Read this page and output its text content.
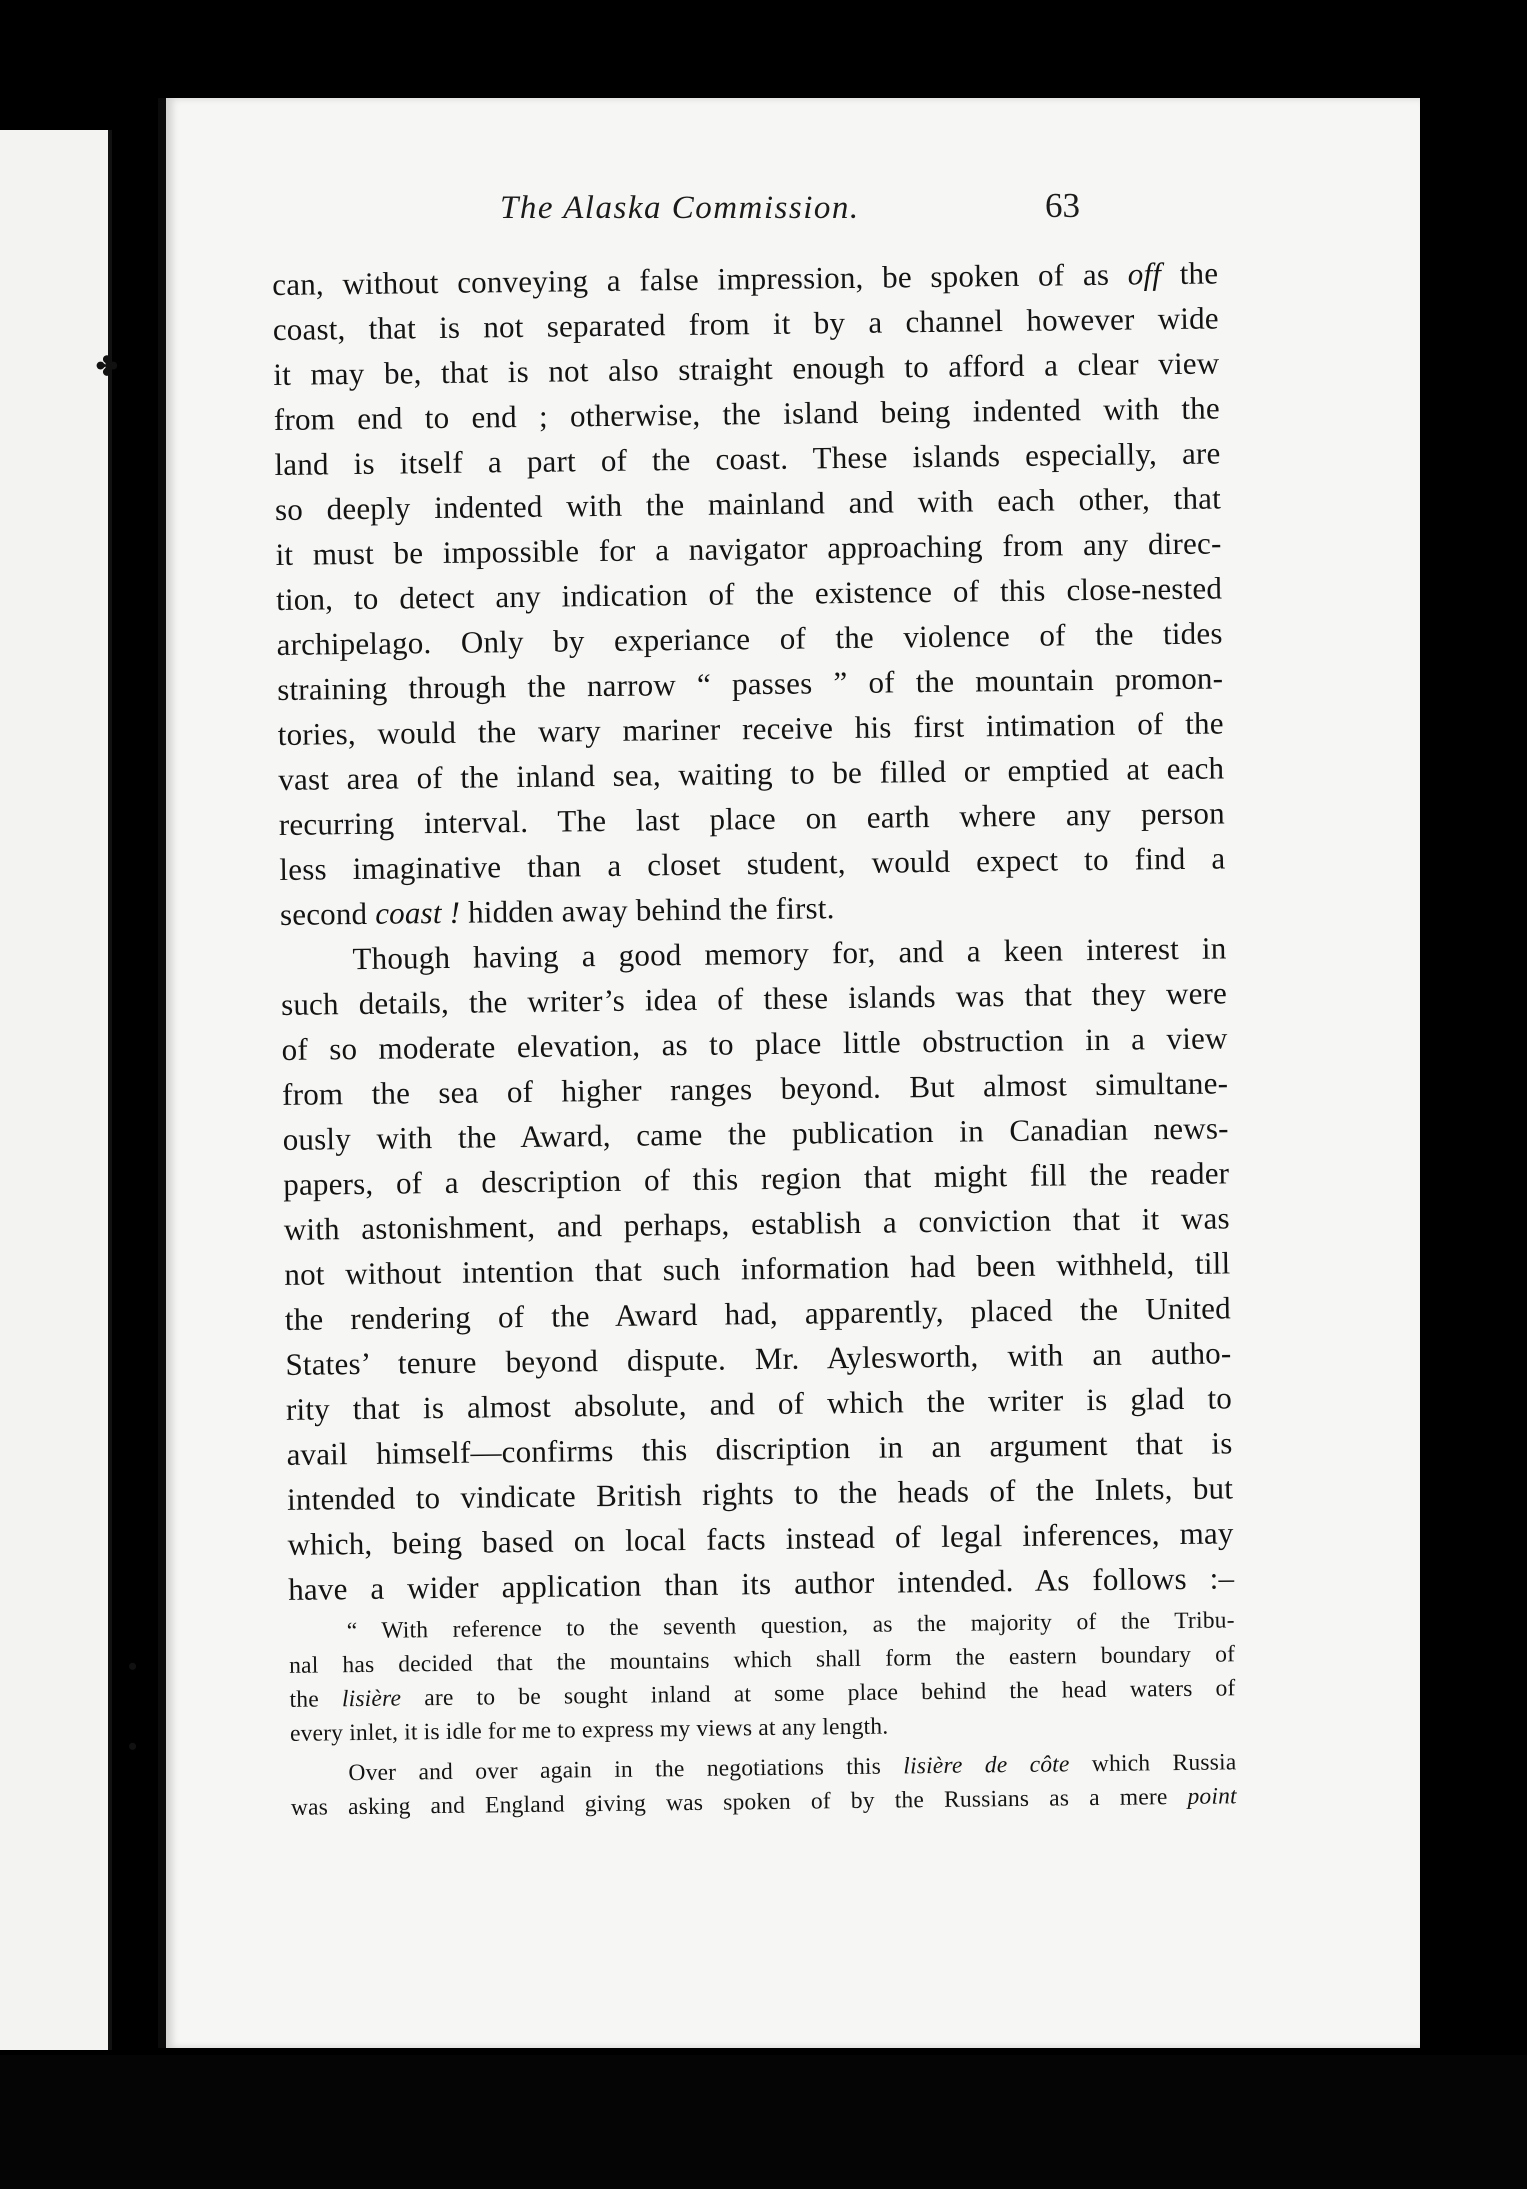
✤
•
•
The Alaska Commission.	63
can, without conveying a false impression, be spoken of as off the
coast, that is not separated from it by a channel however wide
it may be, that is not also straight enough to afford a clear view
from end to end ; otherwise, the island being indented with the
land is itself a part of the coast. These islands especially, are
so deeply indented with the mainland and with each other, that
it must be impossible for a navigator approaching from any direc-
tion, to detect any indication of the existence of this close-nested
archipelago. Only by experiance of the violence of the tides
straining through the narrow “ passes ” of the mountain promon-
tories, would the wary mariner receive his first intimation of the
vast area of the inland sea, waiting to be filled or emptied at each
recurring interval. The last place on earth where any person
less imaginative than a closet student, would expect to find a
second coast ! hidden away behind the first.
Though having a good memory for, and a keen interest in
such details, the writer’s idea of these islands was that they were
of so moderate elevation, as to place little obstruction in a view
from the sea of higher ranges beyond. But almost simultane-
ously with the Award, came the publication in Canadian news-
papers, of a description of this region that might fill the reader
with astonishment, and perhaps, establish a conviction that it was
not without intention that such information had been withheld, till
the rendering of the Award had, apparently, placed the United
States’ tenure beyond dispute. Mr. Aylesworth, with an autho-
rity that is almost absolute, and of which the writer is glad to
avail himself—confirms this discription in an argument that is
intended to vindicate British rights to the heads of the Inlets, but
which, being based on local facts instead of legal inferences, may
have a wider application than its author intended. As follows :–
“ With reference to the seventh question, as the majority of the Tribu-
nal has decided that the mountains which shall form the eastern boundary of
the lisière are to be sought inland at some place behind the head waters of
every inlet, it is idle for me to express my views at any length.
Over and over again in the negotiations this lisière de côte which Russia
was asking and England giving was spoken of by the Russians as a mere point
